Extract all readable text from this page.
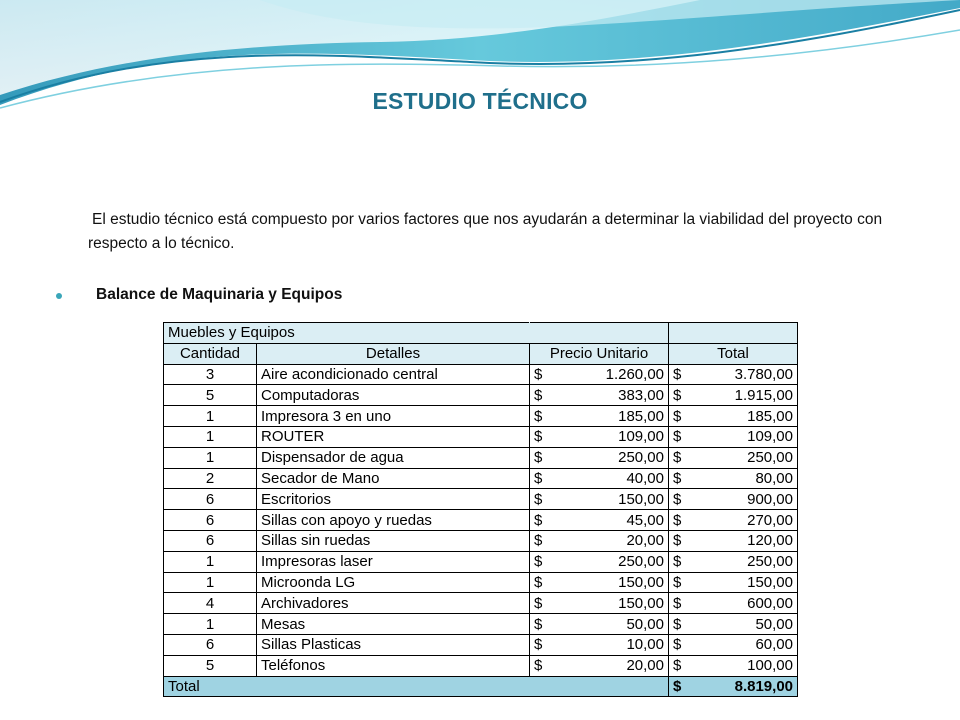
ESTUDIO TÉCNICO
El estudio técnico está compuesto por varios factores que nos ayudarán a determinar la viabilidad del proyecto con respecto a lo técnico.
Balance de Maquinaria y Equipos
Muebles y Equipos			
Cantidad	Detalles	Precio Unitario	Total
3	Aire acondicionado central	$ 1.260,00	$ 3.780,00

5	Computadoras	$ 383,00	$ 1.915,00

1	Impresora 3 en uno	$ 185,00	$ 185,00

1	ROUTER	$ 109,00	$ 109,00

1	Dispensador de agua	$ 250,00	$ 250,00

2	Secador de Mano	$ 40,00	$ 80,00

6	Escritorios	$ 150,00	$ 900,00

6	Sillas con apoyo y ruedas	$ 45,00	$ 270,00

6	Sillas sin ruedas	$ 20,00	$ 120,00

1	Impresoras laser	$ 250,00	$ 250,00

1	Microonda LG	$ 150,00	$ 150,00

4	Archivadores	$ 150,00	$ 600,00

1	Mesas	$ 50,00	$ 50,00

6	Sillas Plasticas	$ 10,00	$ 60,00

5	Teléfonos	$ 20,00	$ 100,00

Total			$ 8.819,00
